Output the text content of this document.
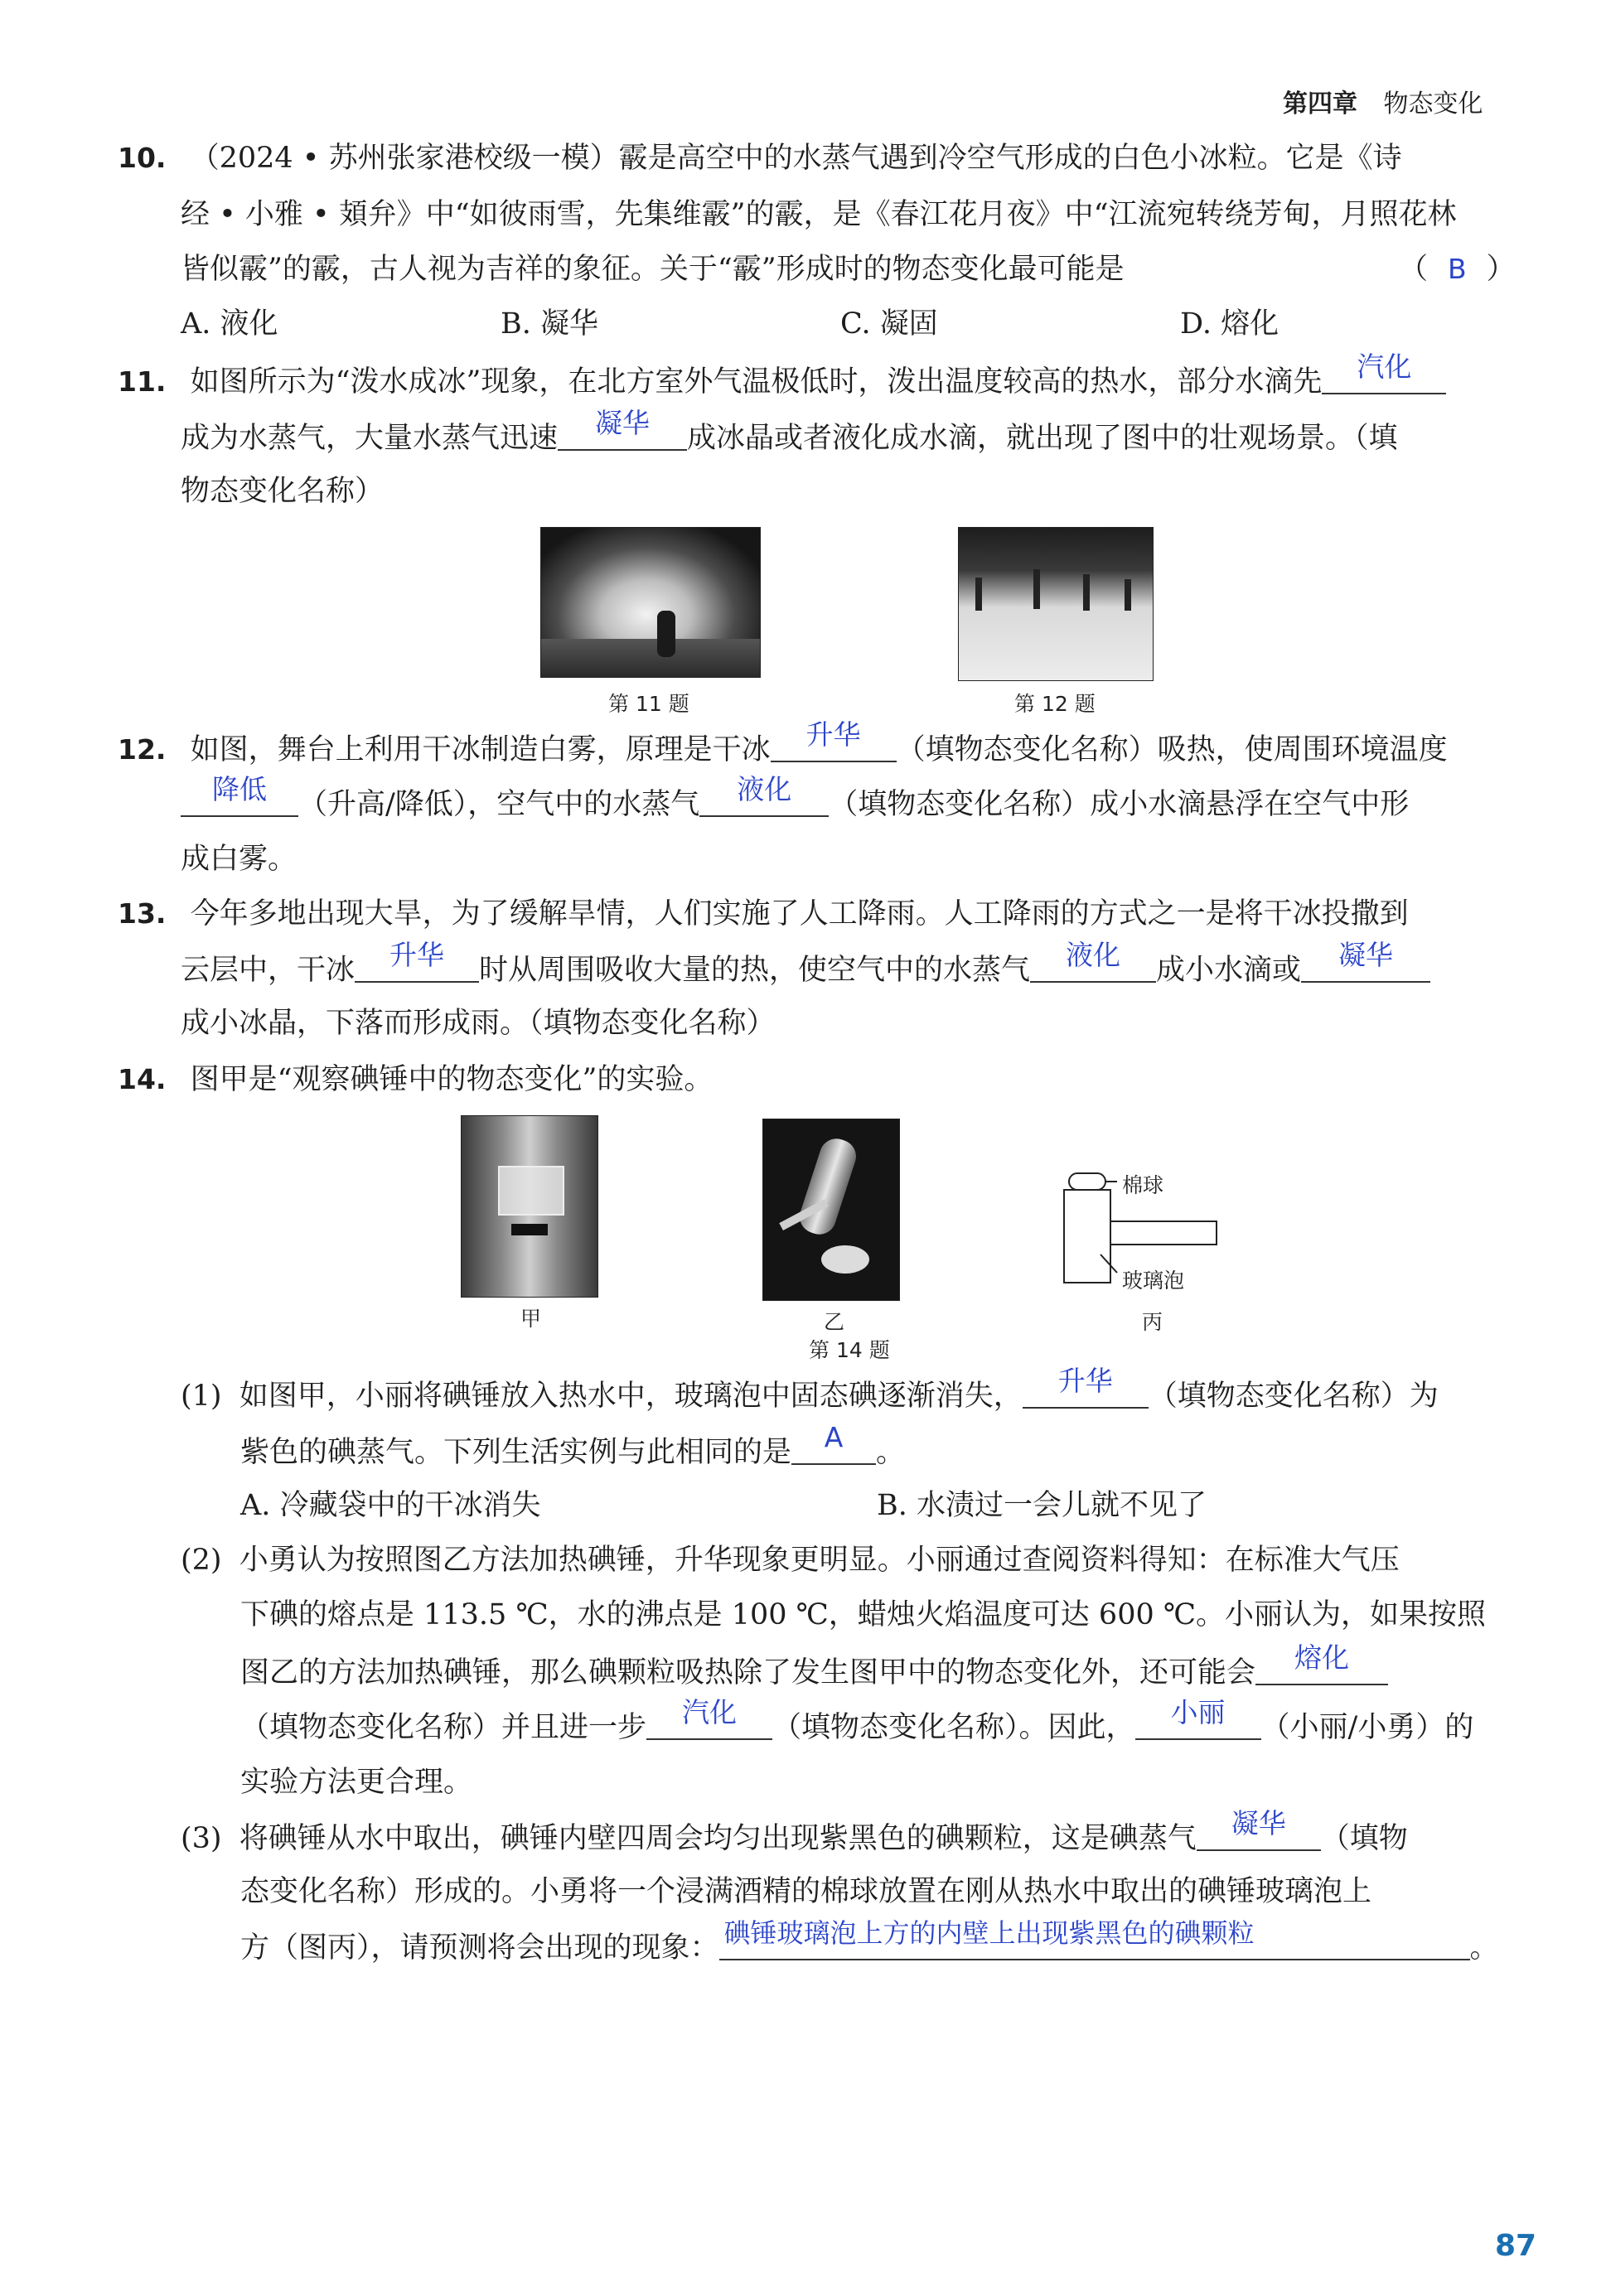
第四章 物态变化
10. （2024 • 苏州张家港校级一模）霰是高空中的水蒸气遇到冷空气形成的白色小冰粒。它是《诗
经 • 小雅 • 頍弁》中“如彼雨雪，先集维霰”的霰，是《春江花月夜》中“江流宛转绕芳甸，月照花林
皆似霰”的霰，古人视为吉祥的象征。关于“霰”形成时的物态变化最可能是	（ B ）
A. 液化	B. 凝华	C. 凝固	D. 熔化
11. 如图所示为“泼水成冰”现象，在北方室外气温极低时，泼出温度较高的热水，部分水滴先	汽化
成为水蒸气，大量水蒸气迅速	凝华	成冰晶或者液化成水滴，就出现了图中的壮观场景。（填
物态变化名称）
第 11 题	第 12 题
12. 如图，舞台上利用干冰制造白雾，原理是干冰	升华	（填物态变化名称）吸热，使周围环境温度
降低	（升高/降低），空气中的水蒸气	液化	（填物态变化名称）成小水滴悬浮在空气中形
成白雾。
13. 今年多地出现大旱，为了缓解旱情，人们实施了人工降雨。人工降雨的方式之一是将干冰投撒到
云层中，干冰	升华	时从周围吸收大量的热，使空气中的水蒸气	液化	成小水滴或	凝华
成小冰晶，下落而形成雨。（填物态变化名称）
14. 图甲是“观察碘锤中的物态变化”的实验。
甲	乙
棉球
玻璃泡
丙
第 14 题
(1) 如图甲，小丽将碘锤放入热水中，玻璃泡中固态碘逐渐消失，	升华	（填物态变化名称）为
紫色的碘蒸气。下列生活实例与此相同的是	A	。
A. 冷藏袋中的干冰消失	B. 水渍过一会儿就不见了
(2) 小勇认为按照图乙方法加热碘锤，升华现象更明显。小丽通过查阅资料得知：在标准大气压
下碘的熔点是 113.5 ℃，水的沸点是 100 ℃，蜡烛火焰温度可达 600 ℃。小丽认为，如果按照
图乙的方法加热碘锤，那么碘颗粒吸热除了发生图甲中的物态变化外，还可能会	熔化
（填物态变化名称）并且进一步	汽化	（填物态变化名称）。因此，	小丽	（小丽/小勇）的
实验方法更合理。
(3) 将碘锤从水中取出，碘锤内壁四周会均匀出现紫黑色的碘颗粒，这是碘蒸气	凝华	（填物
态变化名称）形成的。小勇将一个浸满酒精的棉球放置在刚从热水中取出的碘锤玻璃泡上
方（图丙），请预测将会出现的现象： 碘锤玻璃泡上方的内壁上出现紫黑色的碘颗粒	。
87
